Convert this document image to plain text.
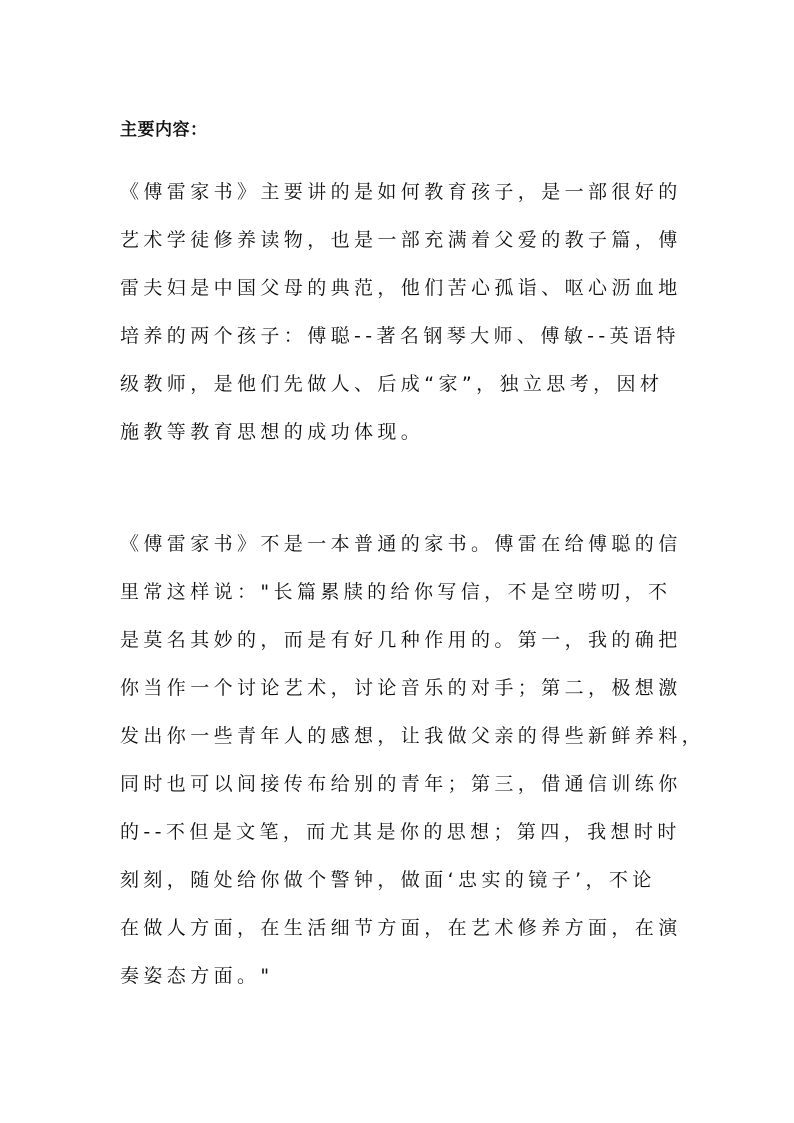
主要内容：
《傅雷家书》主要讲的是如何教育孩子，是一部很好的
艺术学徒修养读物，也是一部充满着父爱的教子篇，傅
雷夫妇是中国父母的典范，他们苦心孤诣、呕心沥血地
培养的两个孩子：傅聪--著名钢琴大师、傅敏--英语特
级教师，是他们先做人、后成“家”，独立思考，因材
施教等教育思想的成功体现。
《傅雷家书》不是一本普通的家书。傅雷在给傅聪的信
里常这样说："长篇累牍的给你写信，不是空唠叨，不
是莫名其妙的，而是有好几种作用的。第一，我的确把
你当作一个讨论艺术，讨论音乐的对手；第二，极想激
发出你一些青年人的感想，让我做父亲的得些新鲜养料，
同时也可以间接传布给别的青年；第三，借通信训练你
的--不但是文笔，而尤其是你的思想；第四，我想时时
刻刻，随处给你做个警钟，做面‘忠实的镜子’，不论
在做人方面，在生活细节方面，在艺术修养方面，在演
奏姿态方面。"
